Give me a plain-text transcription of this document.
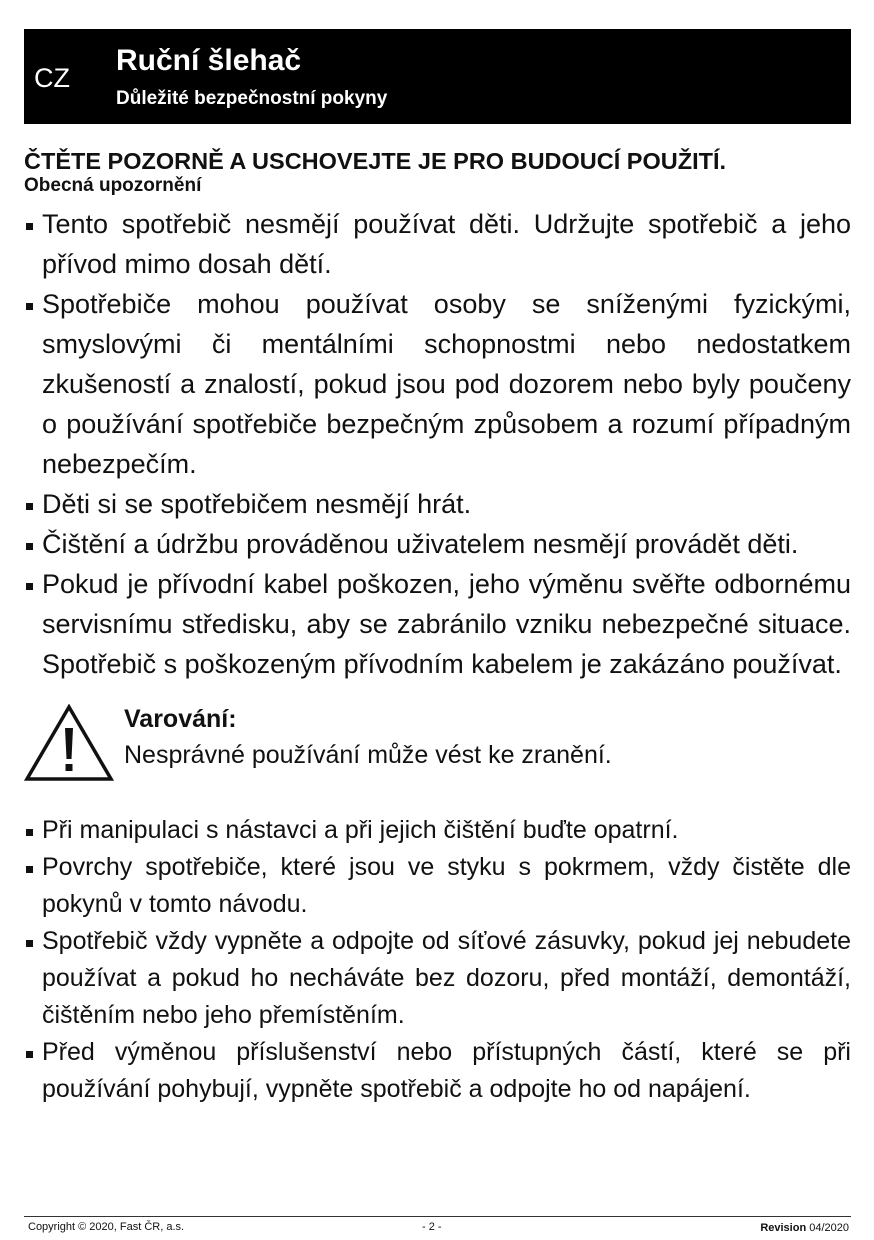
CZ
Ruční šlehač
Důležité bezpečnostní pokyny
ČTĚTE POZORNĚ A USCHOVEJTE JE PRO BUDOUCÍ POUŽITÍ.
Obecná upozornění
Tento spotřebič nesmějí používat děti. Udržujte spotřebič a jeho přívod mimo dosah dětí.
Spotřebiče mohou používat osoby se sníženými fyzickými, smyslovými či mentálními schopnostmi nebo nedostatkem zkušeností a znalostí, pokud jsou pod dozorem nebo byly poučeny o používání spotřebiče bezpečným způsobem a rozumí případným nebezpečím.
Děti si se spotřebičem nesmějí hrát.
Čištění a údržbu prováděnou uživatelem nesmějí provádět děti.
Pokud je přívodní kabel poškozen, jeho výměnu svěřte odbornému servisnímu středisku, aby se zabránilo vzniku nebezpečné situace. Spotřebič s poškozeným přívodním kabelem je zakázáno používat.
Varování:
Nesprávné používání může vést ke zranění.
Při manipulaci s nástavci a při jejich čištění buďte opatrní.
Povrchy spotřebiče, které jsou ve styku s pokrmem, vždy čistěte dle pokynů v tomto návodu.
Spotřebič vždy vypněte a odpojte od síťové zásuvky, pokud jej nebudete používat a pokud ho necháváte bez dozoru, před montáží, demontáží, čištěním nebo jeho přemístěním.
Před výměnou příslušenství nebo přístupných částí, které se při používání pohybují, vypněte spotřebič a odpojte ho od napájení.
Copyright © 2020, Fast ČR, a.s.	- 2 -	Revision 04/2020
